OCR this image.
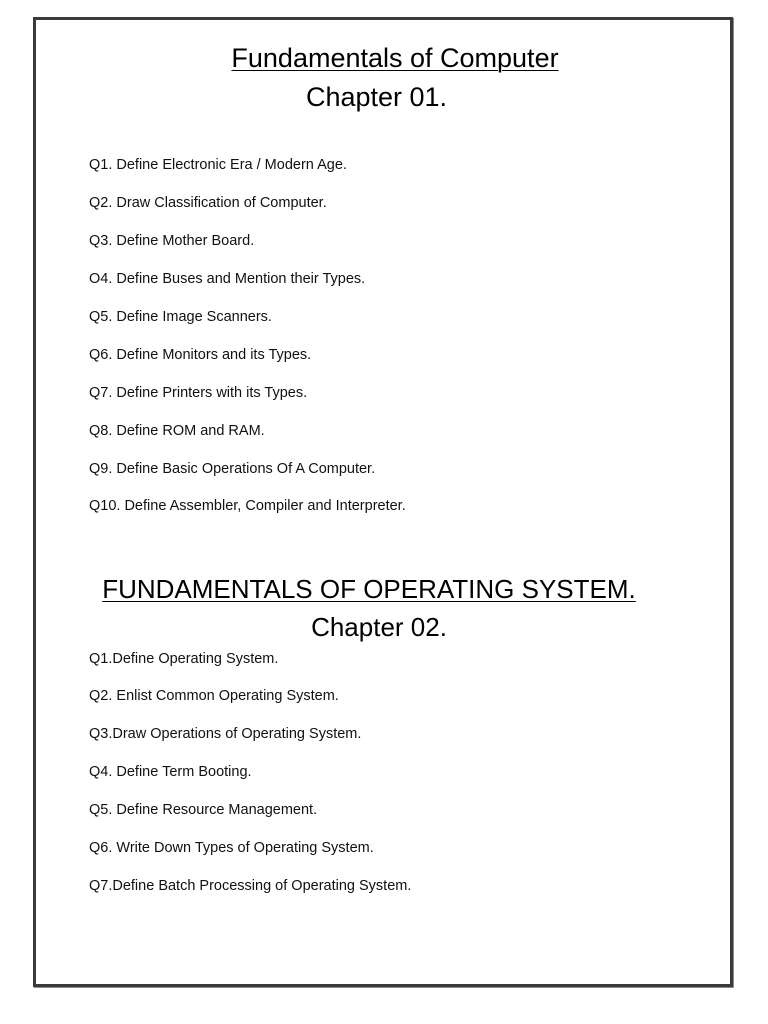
Fundamentals of Computer
Chapter 01.
Q1. Define Electronic Era / Modern Age.
Q2. Draw Classification of Computer.
Q3. Define Mother Board.
O4. Define Buses and Mention their Types.
Q5. Define Image Scanners.
Q6. Define Monitors and its Types.
Q7. Define Printers with its Types.
Q8. Define ROM and RAM.
Q9. Define Basic Operations Of A Computer.
Q10. Define Assembler, Compiler and Interpreter.
FUNDAMENTALS OF OPERATING SYSTEM.
Chapter 02.
Q1.Define Operating System.
Q2. Enlist Common Operating System.
Q3.Draw Operations of Operating System.
Q4. Define Term Booting.
Q5. Define Resource Management.
Q6. Write Down Types of Operating System.
Q7.Define Batch Processing of Operating System.
